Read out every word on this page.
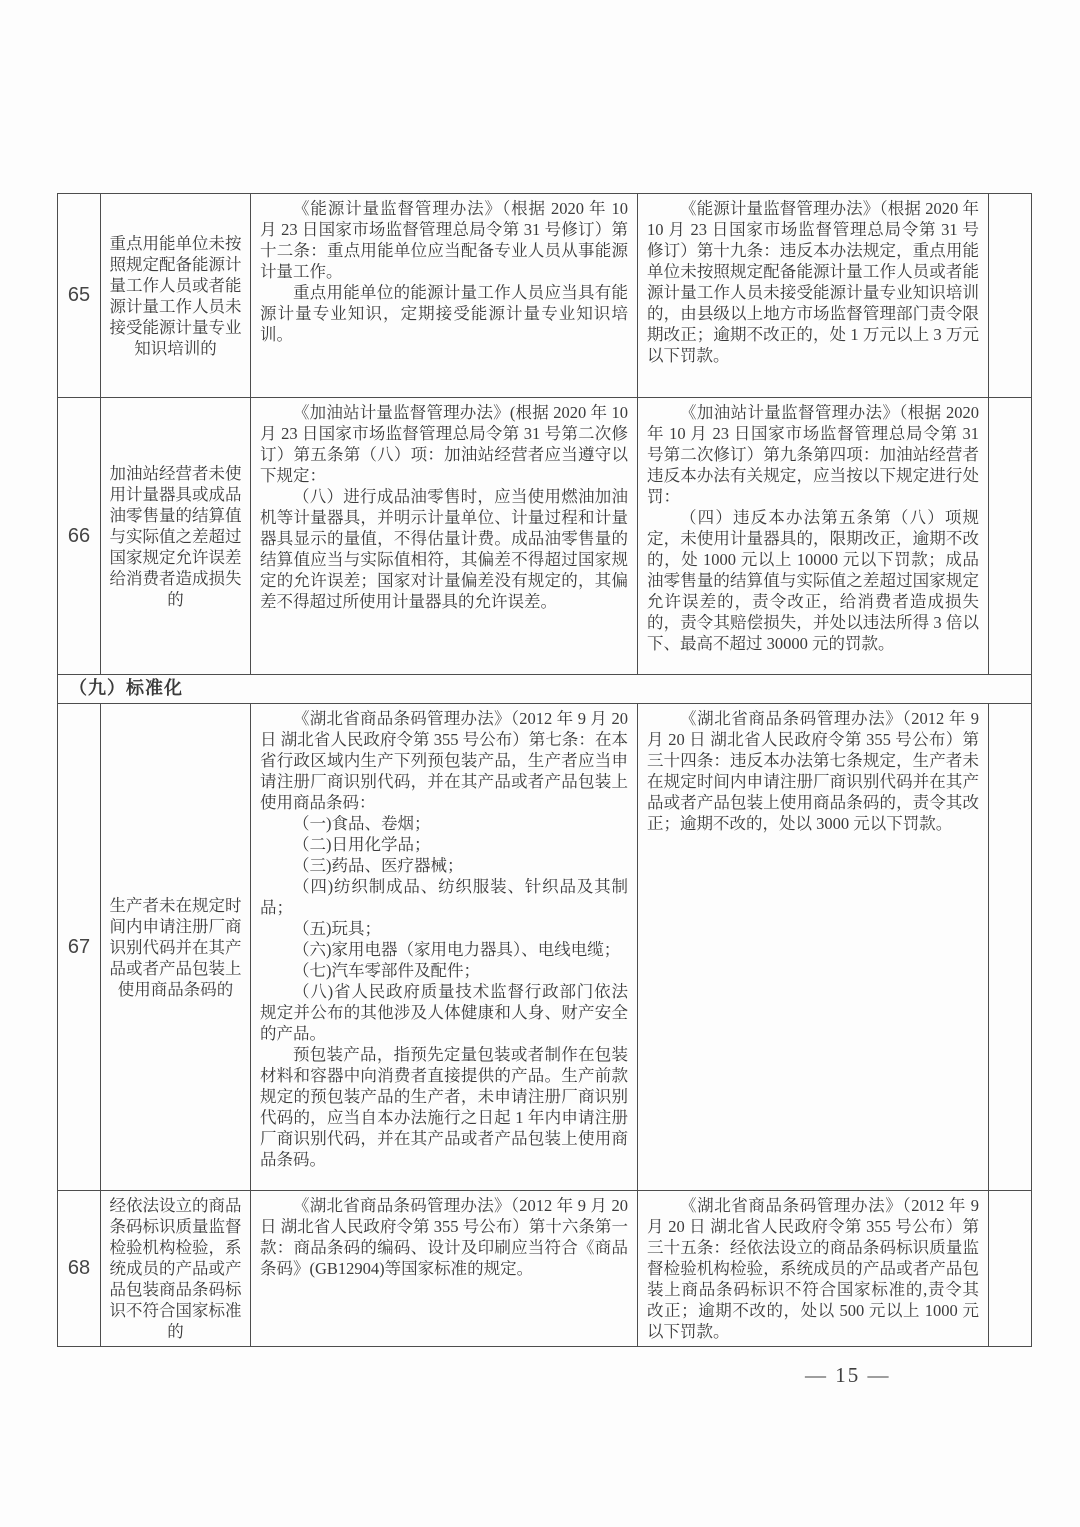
65

重点用能单位未按照规定配备能源计量工作人员或者能源计量工作人员未接受能源计量专业知识培训的

《能源计量监督管理办法》（根据 2020 年 10 月 23 日国家市场监督管理总局令第 31 号修订）第十二条：重点用能单位应当配备专业人员从事能源计量工作。

重点用能单位的能源计量工作人员应当具有能源计量专业知识，定期接受能源计量专业知识培训。

《能源计量监督管理办法》（根据 2020 年 10 月 23 日国家市场监督管理总局令第 31 号修订）第十九条：违反本办法规定，重点用能单位未按照规定配备能源计量工作人员或者能源计量工作人员未接受能源计量专业知识培训的，由县级以上地方市场监督管理部门责令限期改正；逾期不改正的，处 1 万元以上 3 万元以下罚款。

66

加油站经营者未使用计量器具或成品油零售量的结算值与实际值之差超过国家规定允许误差给消费者造成损失的

《加油站计量监督管理办法》(根据 2020 年 10 月 23 日国家市场监督管理总局令第 31 号第二次修订）第五条第（八）项：加油站经营者应当遵守以下规定：

（八）进行成品油零售时，应当使用燃油加油机等计量器具，并明示计量单位、计量过程和计量器具显示的量值，不得估量计费。成品油零售量的结算值应当与实际值相符，其偏差不得超过国家规定的允许误差；国家对计量偏差没有规定的，其偏差不得超过所使用计量器具的允许误差。

《加油站计量监督管理办法》（根据 2020 年 10 月 23 日国家市场监督管理总局令第 31 号第二次修订）第九条第四项：加油站经营者违反本办法有关规定，应当按以下规定进行处罚：

（四）违反本办法第五条第（八）项规定，未使用计量器具的，限期改正，逾期不改的，处 1000 元以上 10000 元以下罚款；成品油零售量的结算值与实际值之差超过国家规定允许误差的，责令改正，给消费者造成损失的，责令其赔偿损失，并处以违法所得 3 倍以下、最高不超过 30000 元的罚款。

（九）标准化
67

生产者未在规定时间内申请注册厂商识别代码并在其产品或者产品包装上使用商品条码的

《湖北省商品条码管理办法》（2012 年 9 月 20 日 湖北省人民政府令第 355 号公布）第七条：在本省行政区域内生产下列预包装产品，生产者应当申请注册厂商识别代码，并在其产品或者产品包装上使用商品条码：

（一)食品、卷烟；

（二)日用化学品；

（三)药品、医疗器械；

（四)纺织制成品、纺织服装、针织品及其制品；

（五)玩具；

（六)家用电器（家用电力器具）、电线电缆；

（七)汽车零部件及配件；

（八)省人民政府质量技术监督行政部门依法规定并公布的其他涉及人体健康和人身、财产安全的产品。

预包装产品，指预先定量包装或者制作在包装材料和容器中向消费者直接提供的产品。生产前款规定的预包装产品的生产者，未申请注册厂商识别代码的，应当自本办法施行之日起 1 年内申请注册厂商识别代码，并在其产品或者产品包装上使用商品条码。

《湖北省商品条码管理办法》（2012 年 9 月 20 日 湖北省人民政府令第 355 号公布）第三十四条：违反本办法第七条规定，生产者未在规定时间内申请注册厂商识别代码并在其产品或者产品包装上使用商品条码的，责令其改正；逾期不改的，处以 3000 元以下罚款。

68

经依法设立的商品条码标识质量监督检验机构检验，系统成员的产品或产品包装商品条码标识不符合国家标准的

《湖北省商品条码管理办法》（2012 年 9 月 20 日 湖北省人民政府令第 355 号公布）第十六条第一款：商品条码的编码、设计及印刷应当符合《商品条码》(GB12904)等国家标准的规定。

《湖北省商品条码管理办法》（2012 年 9 月 20 日 湖北省人民政府令第 355 号公布）第三十五条：经依法设立的商品条码标识质量监督检验机构检验，系统成员的产品或者产品包装上商品条码标识不符合国家标准的,责令其改正；逾期不改的，处以 500 元以上 1000 元以下罚款。

— 15 —
